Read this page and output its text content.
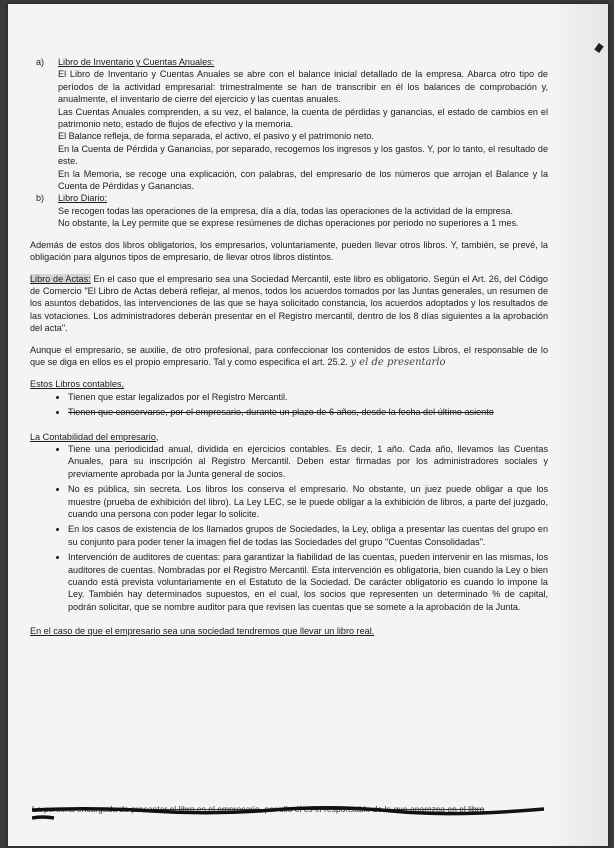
a) Libro de Inventario y Cuentas Anuales:

El Libro de Inventario y Cuentas Anuales se abre con el balance inicial detallado de la empresa. Abarca otro tipo de períodos de la actividad empresarial: trimestralmente se han de transcribir en él los balances de comprobación y, anualmente, el inventario de cierre del ejercicio y las cuentas anuales.

Las Cuentas Anuales comprenden, a su vez, el balance, la cuenta de pérdidas y ganancias, el estado de cambios en el patrimonio neto, estado de flujos de efectivo y la memoria.

El Balance refleja, de forma separada, el activo, el pasivo y el patrimonio neto.

En la Cuenta de Pérdida y Ganancias, por separado, recogemos los ingresos y los gastos. Y, por lo tanto, el resultado de este.

En la Memoria, se recoge una explicación, con palabras, del empresario de los números que arrojan el Balance y la Cuenta de Pérdidas y Ganancias.

b) Libro Diario:

Se recogen todas las operaciones de la empresa, día a día, todas las operaciones de la actividad de la empresa.

No obstante, la Ley permite que se exprese resúmenes de dichas operaciones por periodo no superiores a 1 mes.

Además de estos dos libros obligatorios, los empresarios, voluntariamente, pueden llevar otros libros. Y, también, se prevé, la obligación para algunos tipos de empresario, de llevar otros libros distintos.

Libro de Actas: En el caso que el empresario sea una Sociedad Mercantil, este libro es obligatorio. Según el Art. 26, del Código de Comercio "El Libro de Actas deberá reflejar, al menos, todos los acuerdos tomados por las Juntas generales, un resumen de los asuntos debatidos, las intervenciones de las que se haya solicitado constancia, los acuerdos adoptados y los resultados de las votaciones. Los administradores deberán presentar en el Registro mercantil, dentro de los 8 días siguientes a la aprobación del acta".

Aunque el empresario, se auxilie, de otro profesional, para confeccionar los contenidos de estos Libros, el responsable de lo que se diga en ellos es el propio empresario. Tal y como especifica el art. 25.2. y el de presentarlo

Estos Libros contables,

• Tienen que estar legalizados por el Registro Mercantil.
• Tienen que conservarse, por el empresario, durante un plazo de 6 años, desde la fecha del último asiento

La Contabilidad del empresario,

• Tiene una periodicidad anual, dividida en ejercicios contables. Es decir, 1 año. Cada año, llevamos las Cuentas Anuales, para su inscripción al Registro Mercantil. Deben estar firmadas por los administradores sociales y previamente aprobada por la Junta general de socios.
• No es pública, sin secreta. Los libros los conserva el empresario. No obstante, un juez puede obligar a que los muestre (prueba de exhibición del libro). La Ley LEC, se le puede obligar a la exhibición de libros, a parte del juzgado, cuando una persona con poder legar lo solicite.
• En los casos de existencia de los llamados grupos de Sociedades, la Ley, obliga a presentar las cuentas del grupo en su conjunto para poder tener la imagen fiel de todas las Sociedades del grupo "Cuentas Consolidadas".
• Intervención de auditores de cuentas: para garantizar la fiabilidad de las cuentas, pueden intervenir en las mismas, los auditores de cuentas. Nombradas por el Registro Mercantil. Esta intervención es obligatoria, bien cuando la Ley o bien cuando está prevista voluntariamente en el Estatuto de la Sociedad. De carácter obligatorio es cuando lo impone la Ley. También hay determinados supuestos, en el cual, los socios que representen un determinado % de capital, podrán solicitar, que se nombre auditor para que revisen las cuentas que se somete a la aprobación de la Junta.

En el caso de que el empresario sea una sociedad tendremos que llevar un libro real.

La persona encargada de presentar el libro es el empresario, por ello él es el responsable de lo que aparezca en el libro
